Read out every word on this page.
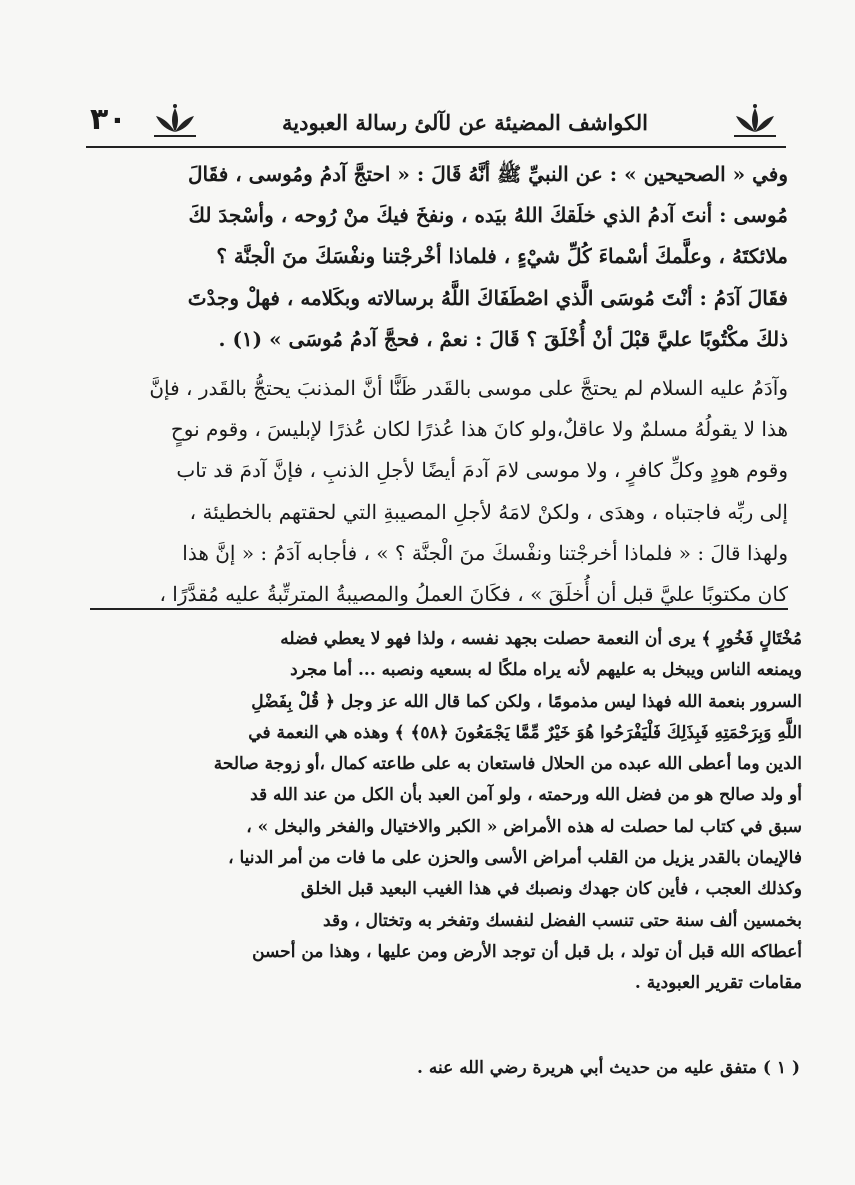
٣٠	الكواشف المضيئة عن لآلئ رسالة العبودية

وفي « الصحيحين » : عن النبيِّ ﷺ أنَّهُ قَالَ : « احتجَّ آدمُ ومُوسى ، فقَالَ

مُوسى : أنتَ آدمُ الذي خلَقكَ اللهُ بيَده ، ونفخَ فيكَ منْ رُوحه ، وأسْجدَ لكَ

ملائكتَهُ ، وعلَّمكَ أسْماءَ كُلِّ شيْءٍ ، فلماذا أخْرجْتنا ونفْسَكَ منَ الْجنَّة ؟

فقَالَ آدَمُ : أنْتَ مُوسَى الَّذي اصْطَفَاكَ اللَّهُ برسالاته وبكَلامه ، فهلْ وجدْتَ

ذلكَ مكْتُوبًا عليَّ قبْلَ أنْ أُخْلَقَ ؟ قَالَ : نعمْ ، فحجَّ آدمُ مُوسَى » (١) .

وآدَمُ عليه السلام لم يحتجَّ على موسى بالقَدر ظَنًّا أنَّ المذنبَ يحتجُّ بالقَدر ، فإنَّ

هذا لا يقولُهُ مسلمٌ ولا عاقلٌ،ولو كانَ هذا عُذرًا لكان عُذرًا لإبليسَ ، وقوم نوحٍ

وقوم هودٍ وكلِّ كافرٍ ، ولا موسى لامَ آدمَ أيضًا لأجلِ الذنبِ ، فإنَّ آدمَ قد تاب

إلى ربِّه فاجتباه ، وهدَى ، ولكنْ لامَهُ لأجلِ المصيبةِ التي لحقتهم بالخطيئة ،

ولهذا قالَ : « فلماذا أخرجْتنا ونفْسكَ منَ الْجنَّة ؟ » ، فأجابه آدَمُ : « إنَّ هذا

كان مكتوبًا عليَّ قبل أن أُخلَقَ » ، فكَانَ العملُ والمصيبةُ المترتِّبةُ عليه مُقدَّرًا ،

مُخْتَالٍ فَخُورٍ ﴾ يرى أن النعمة حصلت بجهد نفسه ، ولذا فهو لا يعطي فضله

ويمنعه الناس ويبخل به عليهم لأنه يراه ملكًا له بسعيه ونصبه ... أما مجرد

السرور بنعمة الله فهذا ليس مذمومًا ، ولكن كما قال الله عز وجل ﴿ قُلْ بِفَضْلِ

اللَّهِ وَبِرَحْمَتِهِ فَبِذَلِكَ فَلْيَفْرَحُوا هُوَ خَيْرٌ مِّمَّا يَجْمَعُونَ ﴿٥٨﴾ ﴾ وهذه هي النعمة في

الدين وما أعطى الله عبده من الحلال فاستعان به على طاعته كمال ،أو زوجة صالحة

أو ولد صالح هو من فضل الله ورحمته ، ولو آمن العبد بأن الكل من عند الله قد

سبق في كتاب لما حصلت له هذه الأمراض « الكبر والاختيال والفخر والبخل » ،

فالإيمان بالقدر يزيل من القلب أمراض الأسى والحزن على ما فات من أمر الدنيا ،

وكذلك العجب ، فأين كان جهدك ونصبك في هذا الغيب البعيد قبل الخلق

بخمسين ألف سنة حتى تنسب الفضل لنفسك وتفخر به وتختال ، وقد

أعطاكه الله قبل أن تولد ، بل قبل أن توجد الأرض ومن عليها ، وهذا من أحسن

مقامات تقرير العبودية .

( ١ ) متفق عليه من حديث أبي هريرة رضي الله عنه .
